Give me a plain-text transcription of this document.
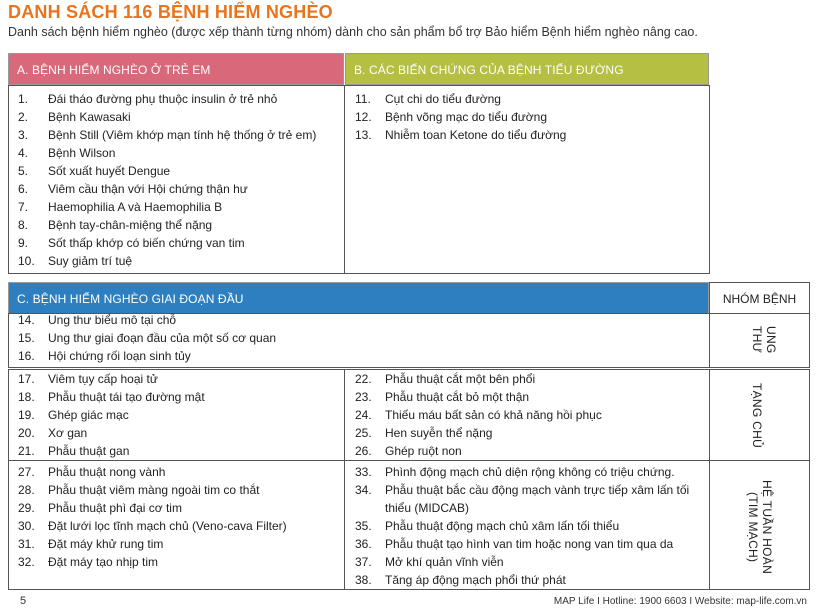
DANH SÁCH 116 BỆNH HIỂM NGHÈO
Danh sách bệnh hiểm nghèo (được xếp thành từng nhóm) dành cho sản phẩm bổ trợ Bảo hiểm Bệnh hiểm nghèo nâng cao.
A. BỆNH HIỂM NGHÈO Ở TRẺ EM	B. CÁC BIẾN CHỨNG CỦA BỆNH TIỂU ĐƯỜNG
1. Đái tháo đường phụ thuộc insulin ở trẻ nhỏ
2. Bệnh Kawasaki
3. Bệnh Still (Viêm khớp mạn tính hệ thống ở trẻ em)
4. Bệnh Wilson
5. Sốt xuất huyết Dengue
6. Viêm cầu thận với Hội chứng thận hư
7. Haemophilia A và Haemophilia B
8. Bệnh tay-chân-miệng thể nặng
9. Sốt thấp khớp có biến chứng van tim
10. Suy giảm trí tuệ
11. Cụt chi do tiểu đường
12. Bệnh võng mạc do tiểu đường
13. Nhiễm toan Ketone do tiểu đường
C. BỆNH HIỂM NGHÈO GIAI ĐOẠN ĐẦU	NHÓM BỆNH
14. Ung thư biểu mô tại chỗ
15. Ung thư giai đoạn đầu của một số cơ quan
16. Hội chứng rối loạn sinh tủy
UNG THƯ
17. Viêm tụy cấp hoại tử
18. Phẫu thuật tái tạo đường mật
19. Ghép giác mạc
20. Xơ gan
21. Phẫu thuật gan
22. Phẫu thuật cắt một bên phổi
23. Phẫu thuật cắt bỏ một thận
24. Thiếu máu bất sản có khả năng hồi phục
25. Hen suyễn thể nặng
26. Ghép ruột non
TẠNG CHỦ
27. Phẫu thuật nong vành
28. Phẫu thuật viêm màng ngoài tim co thắt
29. Phẫu thuật phì đại cơ tim
30. Đặt lưới lọc tĩnh mạch chủ (Veno-cava Filter)
31. Đặt máy khử rung tim
32. Đặt máy tạo nhịp tim
33. Phình động mạch chủ diện rộng không có triệu chứng.
34. Phẫu thuật bắc cầu động mạch vành trực tiếp xâm lấn tối thiểu (MIDCAB)
35. Phẫu thuật động mạch chủ xâm lấn tối thiểu
36. Phẫu thuật tạo hình van tim hoặc nong van tim qua da
37. Mở khí quản vĩnh viễn
38. Tăng áp động mạch phổi thứ phát
HỆ TUẦN HOÀN (TIM MẠCH)
5	MAP Life I Hotline: 1900 6603 I Website: map-life.com.vn
